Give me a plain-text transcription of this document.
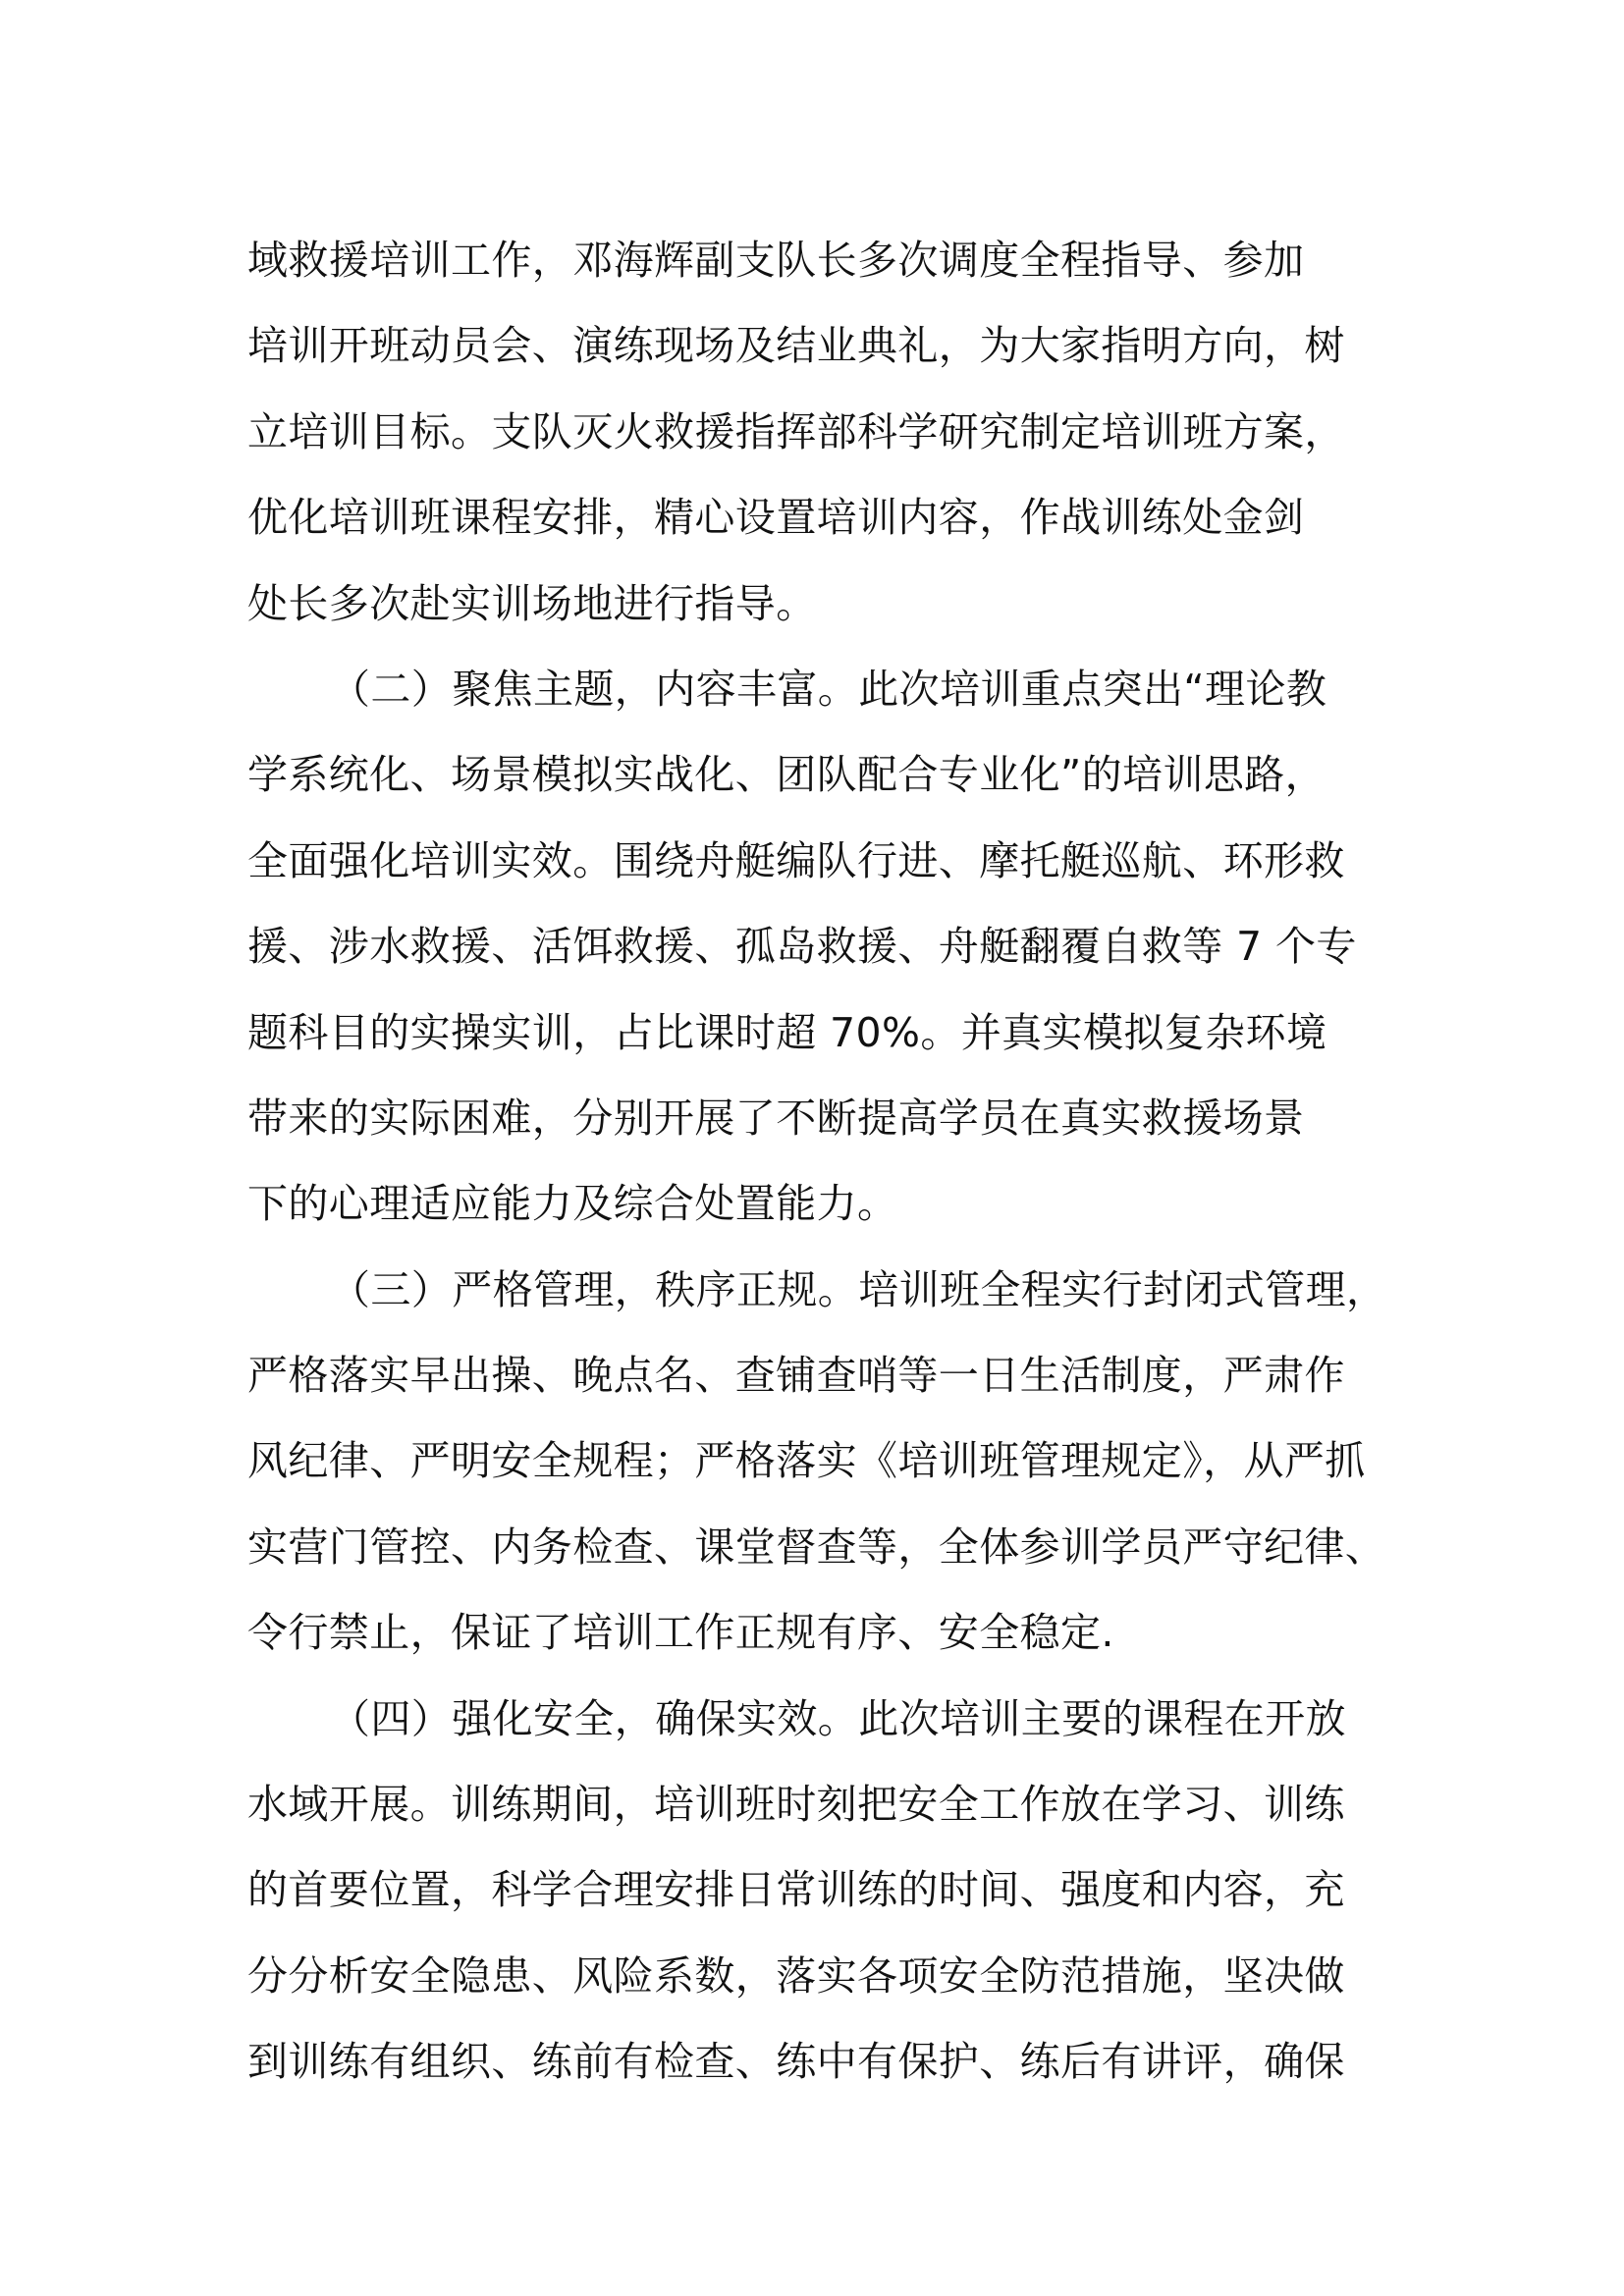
域救援培训工作，邓海辉副支队长多次调度全程指导、参加
培训开班动员会、演练现场及结业典礼，为大家指明方向，树
立培训目标。支队灭火救援指挥部科学研究制定培训班方案，
优化培训班课程安排，精心设置培训内容，作战训练处金剑
处长多次赴实训场地进行指导。
（二）聚焦主题，内容丰富。此次培训重点突出“理论教
学系统化、场景模拟实战化、团队配合专业化”的培训思路，
全面强化培训实效。围绕舟艇编队行进、摩托艇巡航、环形救
援、涉水救援、活饵救援、孤岛救援、舟艇翻覆自救等 7 个专
题科目的实操实训，占比课时超 70%。并真实模拟复杂环境
带来的实际困难，分别开展了不断提高学员在真实救援场景
下的心理适应能力及综合处置能力。
（三）严格管理，秩序正规。培训班全程实行封闭式管理，
严格落实早出操、晚点名、查铺查哨等一日生活制度，严肃作
风纪律、严明安全规程；严格落实《培训班管理规定》，从严抓
实营门管控、内务检查、课堂督查等，全体参训学员严守纪律、
令行禁止，保证了培训工作正规有序、安全稳定.
（四）强化安全，确保实效。此次培训主要的课程在开放
水域开展。训练期间，培训班时刻把安全工作放在学习、训练
的首要位置，科学合理安排日常训练的时间、强度和内容，充
分分析安全隐患、风险系数，落实各项安全防范措施，坚决做
到训练有组织、练前有检查、练中有保护、练后有讲评，确保
